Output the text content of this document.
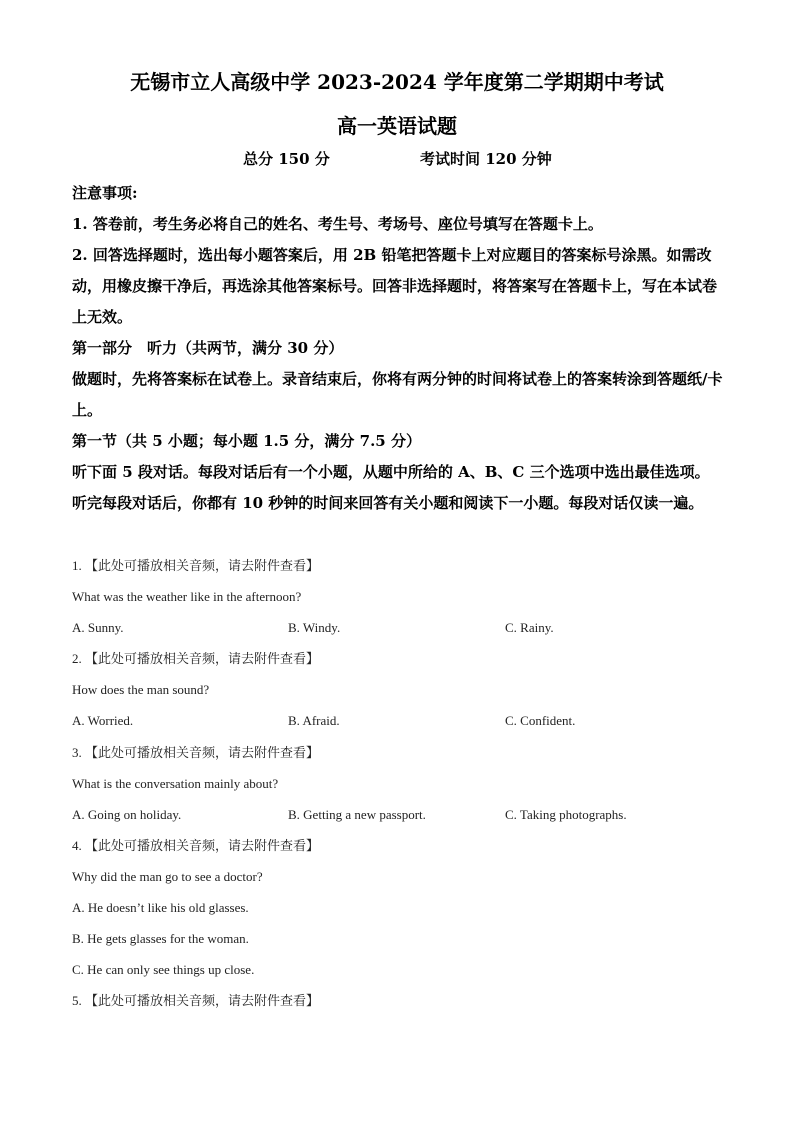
无锡市立人高级中学 2023-2024 学年度第二学期期中考试
高一英语试题
总分 150 分	考试时间 120 分钟
注意事项:
1. 答卷前，考生务必将自己的姓名、考生号、考场号、座位号填写在答题卡上。
2. 回答选择题时，选出每小题答案后，用 2B 铅笔把答题卡上对应题目的答案标号涂黑。如需改动，用橡皮擦干净后，再选涂其他答案标号。回答非选择题时，将答案写在答题卡上，写在本试卷上无效。
第一部分　听力（共两节，满分 30 分）
做题时，先将答案标在试卷上。录音结束后，你将有两分钟的时间将试卷上的答案转涂到答题纸/卡上。
第一节（共 5 小题；每小题 1.5 分，满分 7.5 分）
听下面 5 段对话。每段对话后有一个小题，从题中所给的 A、B、C 三个选项中选出最佳选项。听完每段对话后，你都有 10 秒钟的时间来回答有关小题和阅读下一小题。每段对话仅读一遍。
1. 【此处可播放相关音频，请去附件查看】
What was the weather like in the afternoon?
A. Sunny.	B. Windy.	C. Rainy.
2. 【此处可播放相关音频，请去附件查看】
How does the man sound?
A. Worried.	B. Afraid.	C. Confident.
3. 【此处可播放相关音频，请去附件查看】
What is the conversation mainly about?
A. Going on holiday.	B. Getting a new passport.	C. Taking photographs.
4. 【此处可播放相关音频，请去附件查看】
Why did the man go to see a doctor?
A. He doesn’t like his old glasses.
B. He gets glasses for the woman.
C. He can only see things up close.
5. 【此处可播放相关音频，请去附件查看】
